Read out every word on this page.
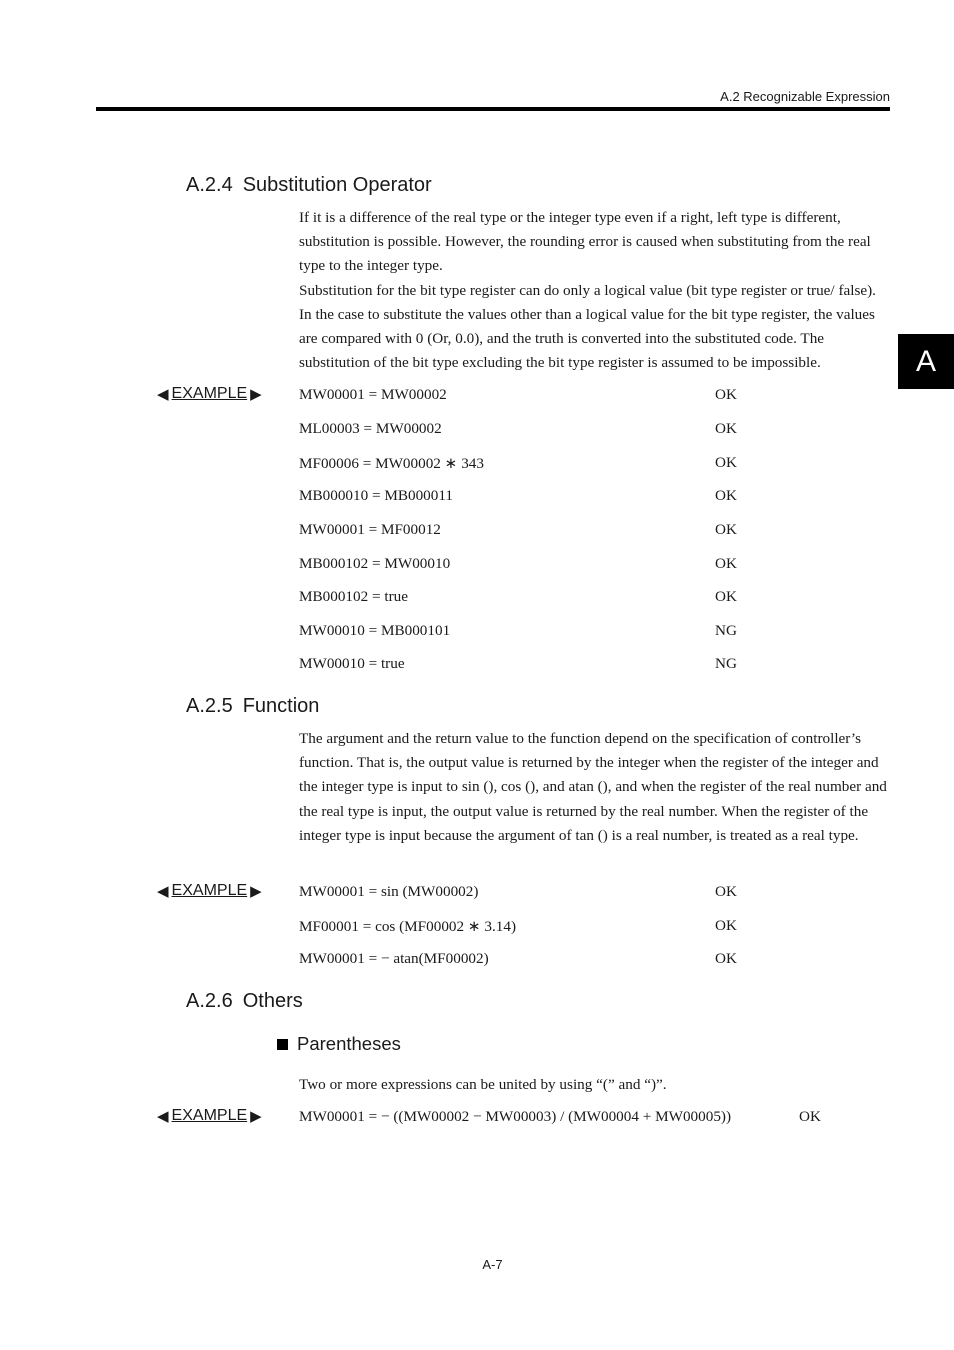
A.2 Recognizable Expression
A
A.2.4 Substitution Operator

If it is a difference of the real type or the integer type even if a right, left type is different, substitution is possible. However, the rounding error is caused when substituting from the real type to the integer type.

Substitution for the bit type register can do only a logical value (bit type register or true/ false). In the case to substitute the values other than a logical value for the bit type register, the values are compared with 0 (Or, 0.0), and the truth is converted into the substituted code. The substitution of the bit type excluding the bit type register is assumed to be impossible.

◀ EXAMPLE ▶ MW00001 = MW00002	OK
ML00003 = MW00002	OK
MF00006 = MW00002 ∗ 343	OK
MB000010 = MB000011	OK
MW00001 = MF00012	OK
MB000102 = MW00010	OK
MB000102 = true	OK
MW00010 = MB000101	NG
MW00010 = true	NG
A.2.5 Function

The argument and the return value to the function depend on the specification of controller’s function. That is, the output value is returned by the integer when the register of the integer and the integer type is input to sin (), cos (), and atan (), and when the register of the real number and the real type is input, the output value is returned by the real number. When the register of the integer type is input because the argument of tan () is a real number, is treated as a real type.

◀ EXAMPLE ▶ MW00001 = sin (MW00002)	OK
MF00001 = cos (MF00002 ∗ 3.14)	OK
MW00001 = − atan(MF00002)	OK
A.2.6 Others
Parentheses

Two or more expressions can be united by using “(” and “)”.

◀ EXAMPLE ▶ MW00001 = − ((MW00002 − MW00003) / (MW00004 + MW00005))	OK
A-7
